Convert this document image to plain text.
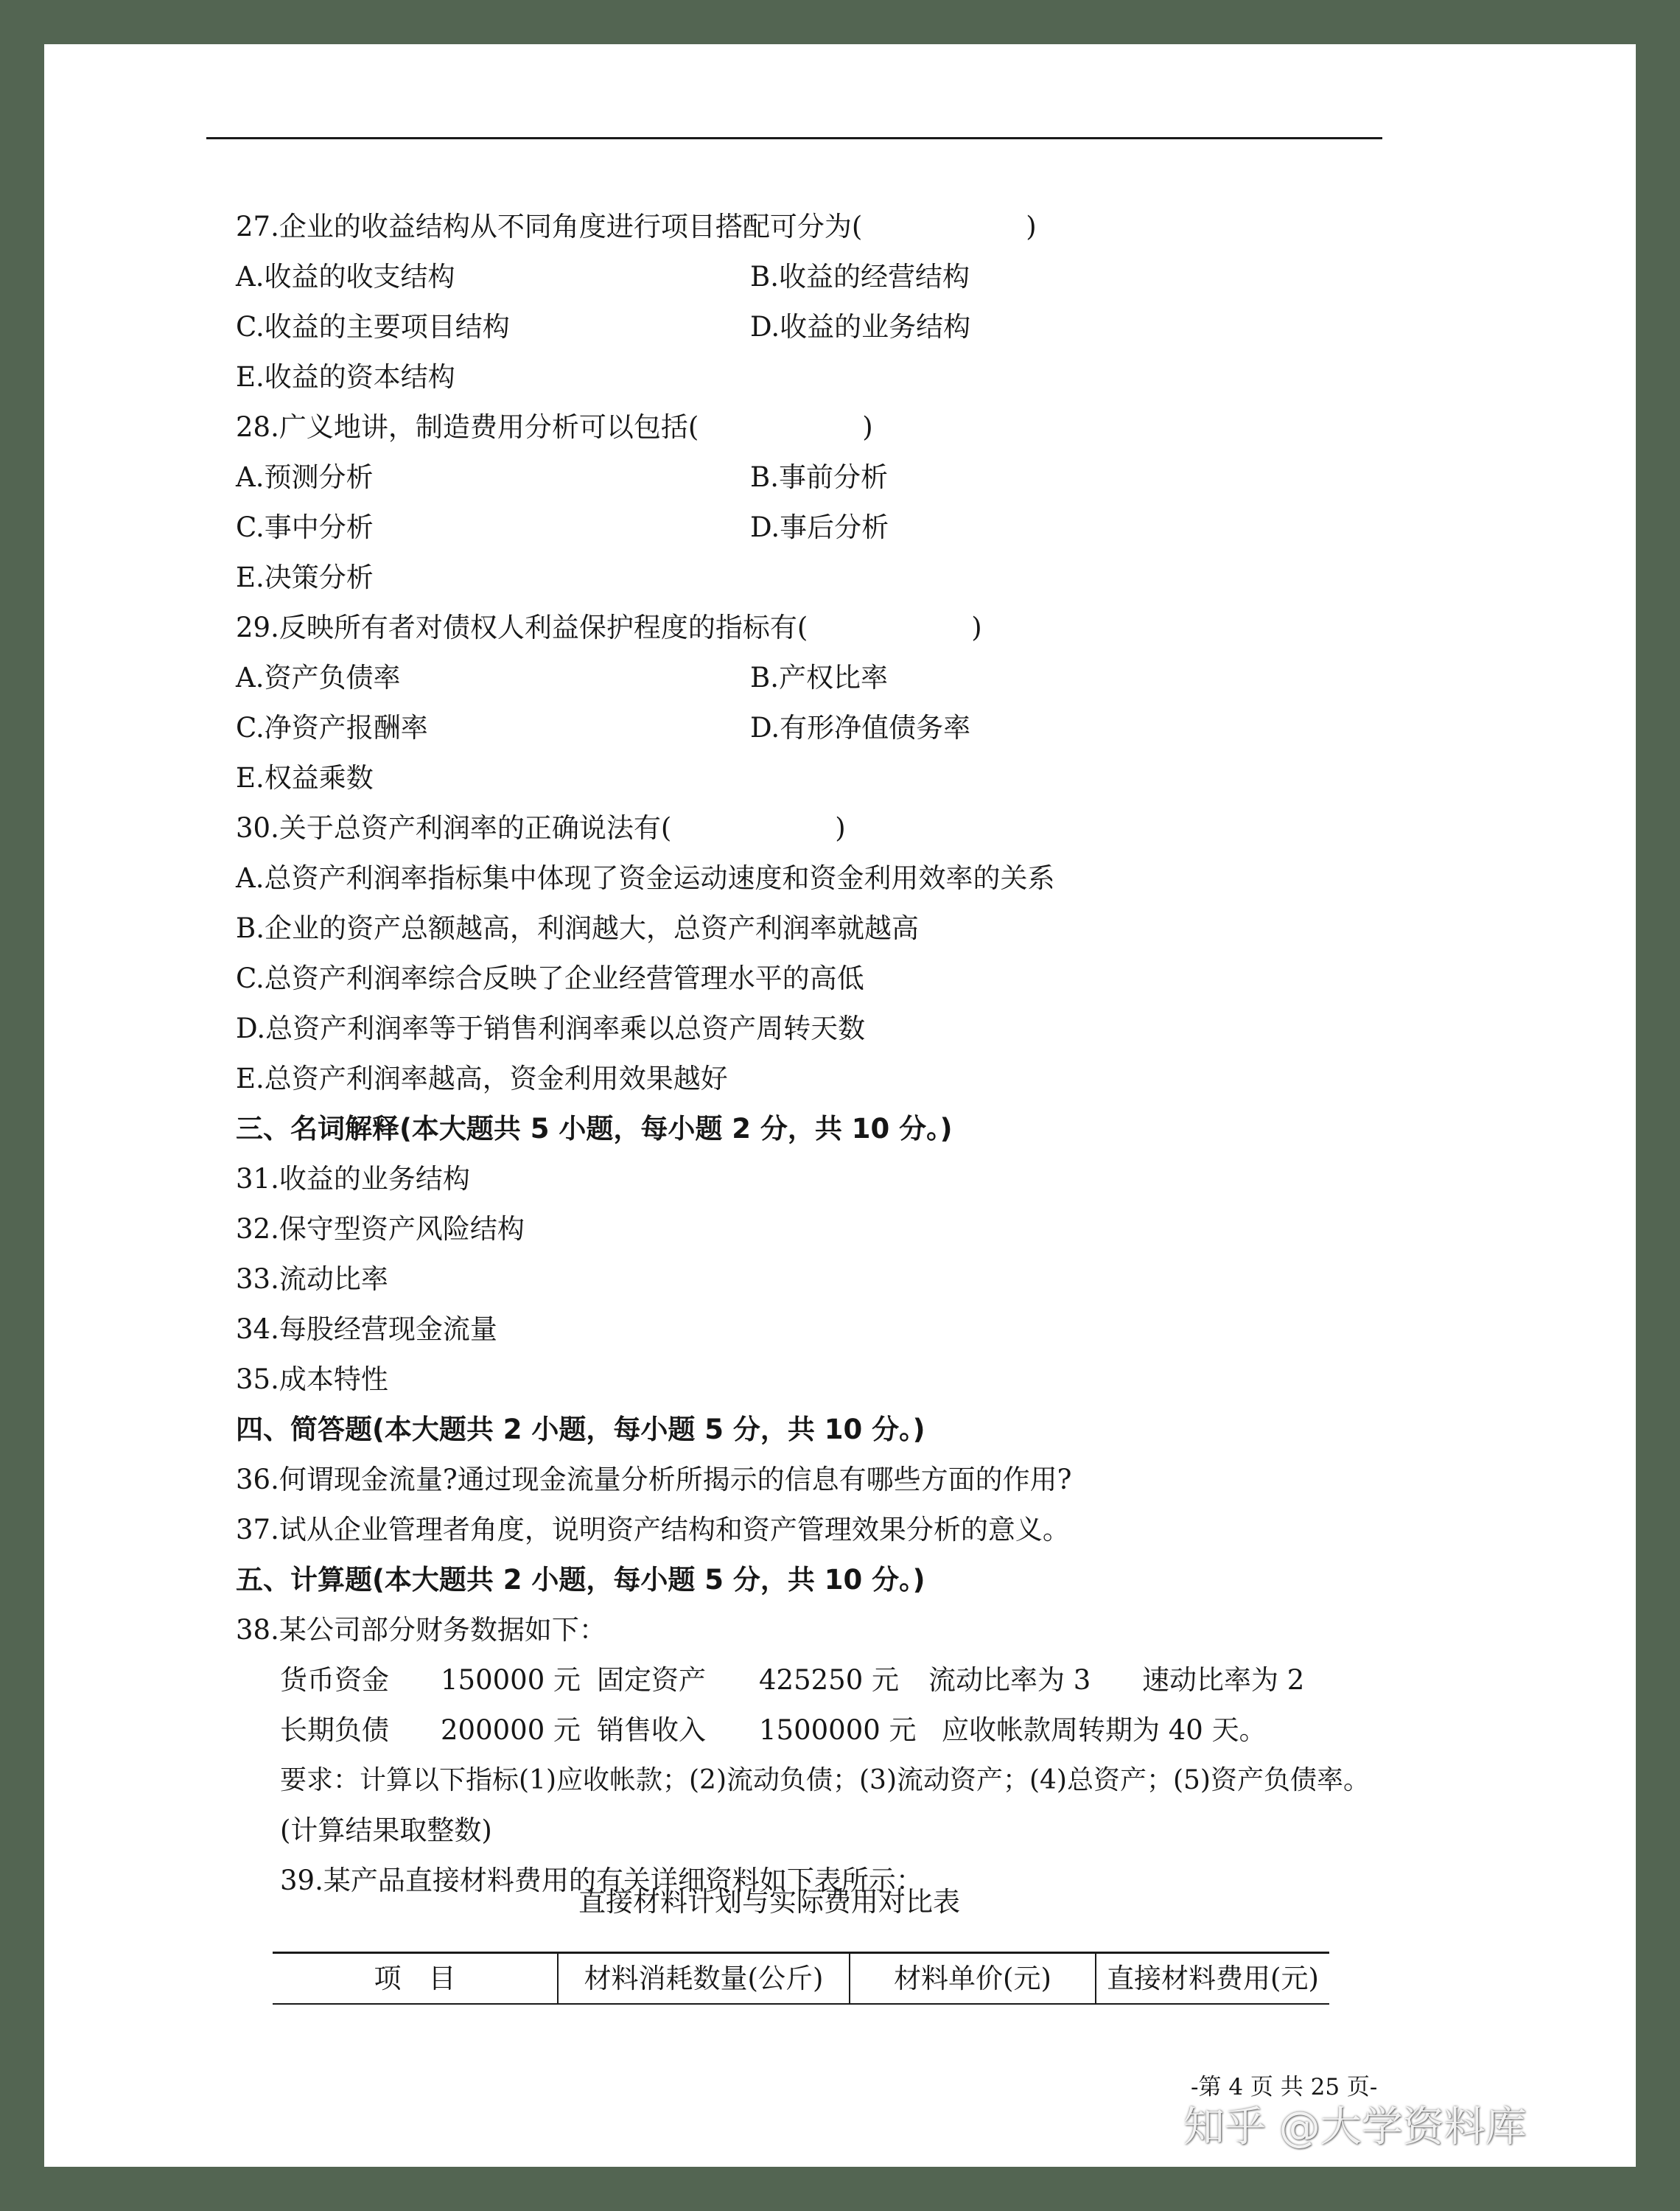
27.企业的收益结构从不同角度进行项目搭配可分为(　　　　　　)
A.收益的收支结构	B.收益的经营结构
C.收益的主要项目结构	D.收益的业务结构
E.收益的资本结构
28.广义地讲，制造费用分析可以包括(　　　　　　)
A.预测分析	B.事前分析
C.事中分析	D.事后分析
E.决策分析
29.反映所有者对债权人利益保护程度的指标有(　　　　　　)
A.资产负债率	B.产权比率
C.净资产报酬率	D.有形净值债务率
E.权益乘数
30.关于总资产利润率的正确说法有(　　　　　　)
A.总资产利润率指标集中体现了资金运动速度和资金利用效率的关系
B.企业的资产总额越高，利润越大，总资产利润率就越高
C.总资产利润率综合反映了企业经营管理水平的高低
D.总资产利润率等于销售利润率乘以总资产周转天数
E.总资产利润率越高，资金利用效果越好
三、名词解释(本大题共 5 小题，每小题 2 分，共 10 分。)
31.收益的业务结构
32.保守型资产风险结构
33.流动比率
34.每股经营现金流量
35.成本特性
四、简答题(本大题共 2 小题，每小题 5 分，共 10 分。)
36.何谓现金流量?通过现金流量分析所揭示的信息有哪些方面的作用?
37.试从企业管理者角度，说明资产结构和资产管理效果分析的意义。
五、计算题(本大题共 2 小题，每小题 5 分，共 10 分。)
38.某公司部分财务数据如下：
货币资金 150000 元 固定资产 425250 元 流动比率为 3 速动比率为 2
长期负债 200000 元 销售收入 1500000 元 应收帐款周转期为 40 天。
要求：计算以下指标(1)应收帐款；(2)流动负债；(3)流动资产；(4)总资产；(5)资产负债率。
(计算结果取整数)
39.某产品直接材料费用的有关详细资料如下表所示：
直接材料计划与实际费用对比表
项　目	材料消耗数量(公斤)	材料单价(元)	直接材料费用(元)
-第 4 页 共 25 页-
知乎 @大学资料库
